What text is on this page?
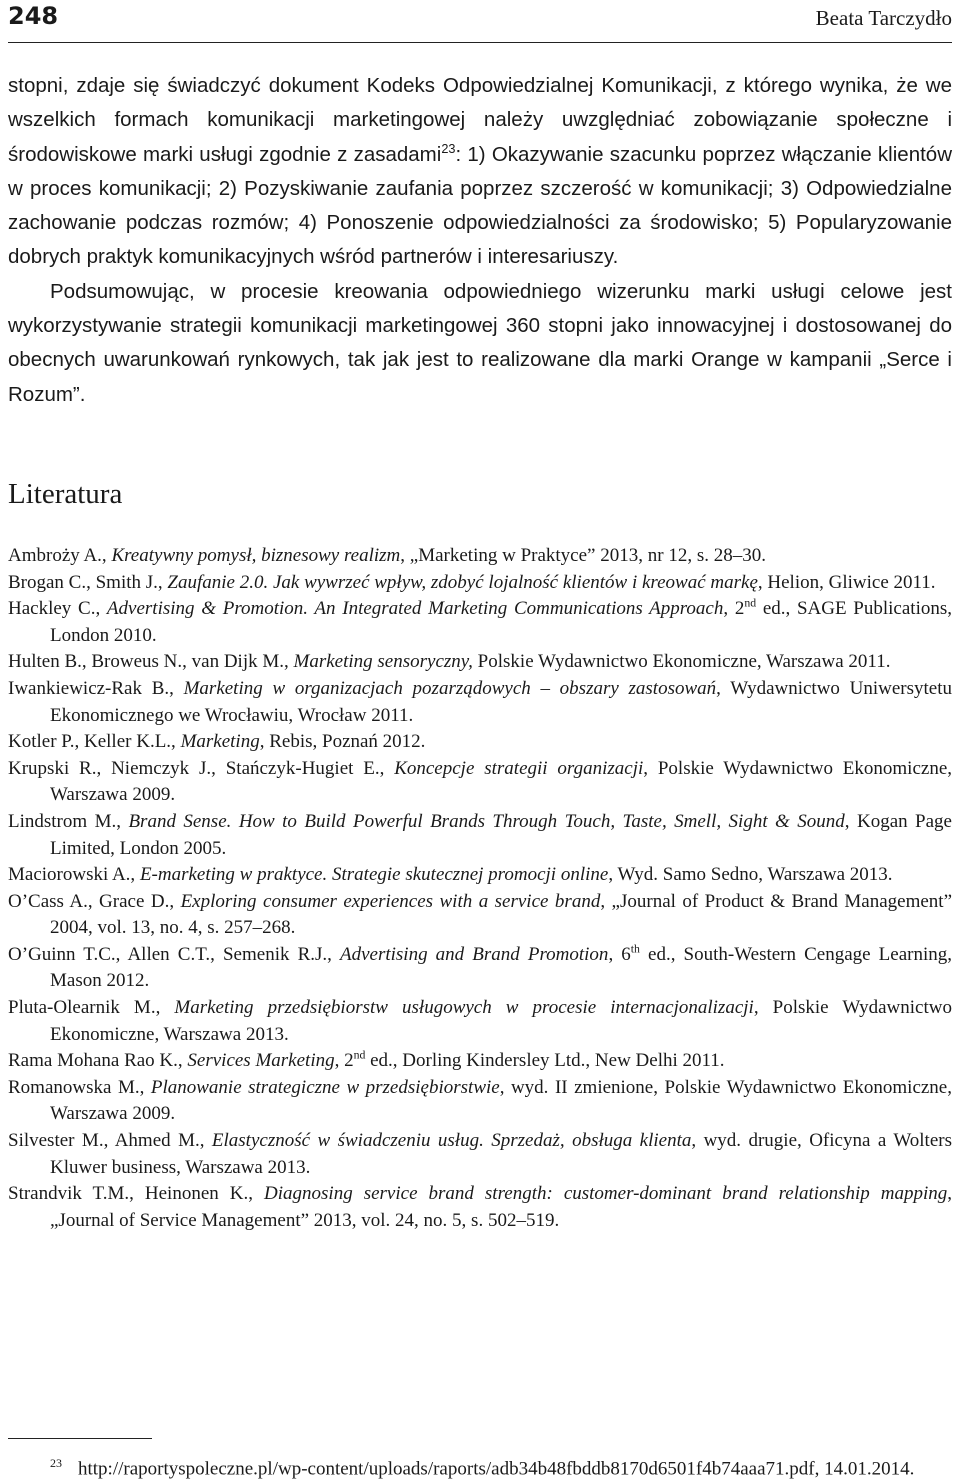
248	Beata Tarczydło

stopni, zdaje się świadczyć dokument Kodeks Odpowiedzialnej Komunikacji, z którego wynika, że we wszelkich formach komunikacji marketingowej należy uwzględniać zobowiązanie społeczne i środowiskowe marki usługi zgodnie z zasadami$^{23}$: 1) Okazywanie szacunku poprzez włączanie klientów w proces komunikacji; 2) Pozyskiwanie zaufania poprzez szczerość w komunikacji; 3) Odpowiedzialne zachowanie podczas rozmów; 4) Ponoszenie odpowiedzialności za środowisko; 5) Popularyzowanie dobrych praktyk komunikacyjnych wśród partnerów i interesariuszy.

Podsumowując, w procesie kreowania odpowiedniego wizerunku marki usługi celowe jest wykorzystywanie strategii komunikacji marketingowej 360 stopni jako innowacyjnej i dostosowanej do obecnych uwarunkowań rynkowych, tak jak jest to realizowane dla marki Orange w kampanii „Serce i Rozum”.

Literatura

Ambroży A., Kreatywny pomysł, biznesowy realizm, „Marketing w Praktyce” 2013, nr 12, s. 28–30.

Brogan C., Smith J., Zaufanie 2.0. Jak wywrzeć wpływ, zdobyć lojalność klientów i kreować markę, Helion, Gliwice 2011.

Hackley C., Advertising & Promotion. An Integrated Marketing Communications Approach, 2nd ed., SAGE Publications, London 2010.

Hulten B., Broweus N., van Dijk M., Marketing sensoryczny, Polskie Wydawnictwo Ekonomiczne, Warszawa 2011.

Iwankiewicz-Rak B., Marketing w organizacjach pozarządowych – obszary zastosowań, Wydawnictwo Uniwersytetu Ekonomicznego we Wrocławiu, Wrocław 2011.

Kotler P., Keller K.L., Marketing, Rebis, Poznań 2012.

Krupski R., Niemczyk J., Stańczyk-Hugiet E., Koncepcje strategii organizacji, Polskie Wydawnictwo Ekonomiczne, Warszawa 2009.

Lindstrom M., Brand Sense. How to Build Powerful Brands Through Touch, Taste, Smell, Sight & Sound, Kogan Page Limited, London 2005.

Maciorowski A., E-marketing w praktyce. Strategie skutecznej promocji online, Wyd. Samo Sedno, Warszawa 2013.

O’Cass A., Grace D., Exploring consumer experiences with a service brand, „Journal of Product & Brand Management” 2004, vol. 13, no. 4, s. 257–268.

O’Guinn T.C., Allen C.T., Semenik R.J., Advertising and Brand Promotion, 6th ed., South-Western Cengage Learning, Mason 2012.

Pluta-Olearnik M., Marketing przedsiębiorstw usługowych w procesie internacjonalizacji, Polskie Wydawnictwo Ekonomiczne, Warszawa 2013.

Rama Mohana Rao K., Services Marketing, 2nd ed., Dorling Kindersley Ltd., New Delhi 2011.

Romanowska M., Planowanie strategiczne w przedsiębiorstwie, wyd. II zmienione, Polskie Wydawnictwo Ekonomiczne, Warszawa 2009.

Silvester M., Ahmed M., Elastyczność w świadczeniu usług. Sprzedaż, obsługa klienta, wyd. drugie, Oficyna a Wolters Kluwer business, Warszawa 2013.

Strandvik T.M., Heinonen K., Diagnosing service brand strength: customer-dominant brand relationship mapping, „Journal of Service Management” 2013, vol. 24, no. 5, s. 502–519.

$^{23}$ http://raportyspoleczne.pl/wp-content/uploads/raports/adb34b48fbddb8170d6501f4b74aaa71.pdf, 14.01.2014.
